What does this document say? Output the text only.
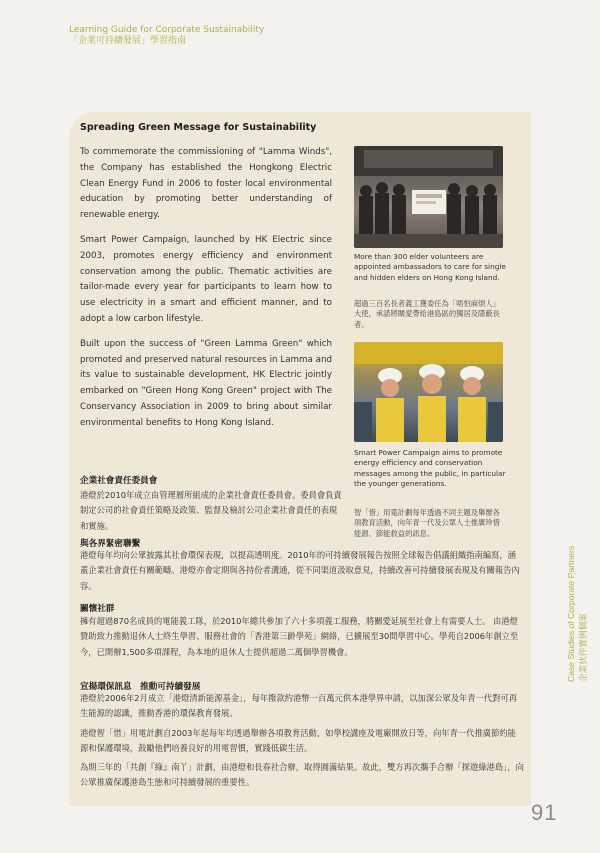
Learning Guide for Corporate Sustainability
「企業可持續發展」學習指南
Spreading Green Message for Sustainability

To commemorate the commissioning of "Lamma Winds", the Company has established the Hongkong Electric Clean Energy Fund in 2006 to foster local environmental education by promoting better understanding of renewable energy.

Smart Power Campaign, launched by HK Electric since 2003, promotes energy efficiency and environment conservation among the public. Thematic activities are tailor-made every year for participants to learn how to use electricity in a smart and efficient manner, and to adopt a low carbon lifestyle.

Built upon the success of "Green Lamma Green" which promoted and preserved natural resources in Lamma and its value to sustainable development, HK Electric jointly embarked on "Green Hong Kong Green" project with The Conservancy Association in 2009 to bring about similar environmental benefits to Hong Kong Island.

More than 300 elder volunteers are appointed ambassadors to care for single and hidden elders on Hong Kong Island.
超過三百名長者義工獲委任為「唔怕麻煩人」大使，承諾將關愛帶給港島區的獨居及隱蔽長者。
Smart Power Campaign aims to promote energy efficiency and conservation messages among the public, in particular the younger generations.
智「惜」用電計劃每年透過不同主題及舉辦各項教育活動，向年青一代及公眾人士推廣珍惜能源、節能救益的訊息。
企業社會責任委員會
港燈於2010年成立由管理層所組成的企業社會責任委員會。委員會負責制定公司的社會責任策略及政策、監督及檢討公司企業社會責任的表現和實施。
與各界緊密聯繫
港燈每年均向公眾披露其社會環保表現，以提高透明度。2010年的可持續發展報告按照全球報告倡議組織指南編寫，涵蓋企業社會責任有關範疇。港燈亦會定期與各持份者溝通，從不同渠道汲取意見，持續改善可持續發展表現及有關報告內容。
關懷社群
擁有超過870名成員的電能義工隊，於2010年總共參加了六十多項義工服務，將關愛延展至社會上有需要人士。 由港燈贊助致力推動退休人士終生學習、服務社會的「香港第三齡學苑」網絡，已擴展至30間學習中心。學苑自2006年創立至今，已開辦1,500多項課程，為本地的退休人士提供超過二萬個學習機會。
宣揚環保訊息　推動可持續發展
港燈於2006年2月成立「港燈清新能源基金」，每年撥款約港幣一百萬元供本港學界申請，以加深公眾及年青一代對可再生能源的認識，推動香港的環保教育發展。
港燈智「惜」用電計劃自2003年起每年均透過舉辦各項教育活動，如學校講座及電廠開放日等，向年青一代推廣節約能源和保護環境，鼓勵他們培養良好的用電習慣，實踐低碳生活。
為期三年的「共創『綠』南丫」計劃，由港燈和長春社合辦，取得圓滿結果。故此，雙方再次攜手合辦「探遊綠港島」，向公眾推廣保護港島生態和可持續發展的重要性。
Case Studies of Corporate Partners 企業伙伴實例個案
91
